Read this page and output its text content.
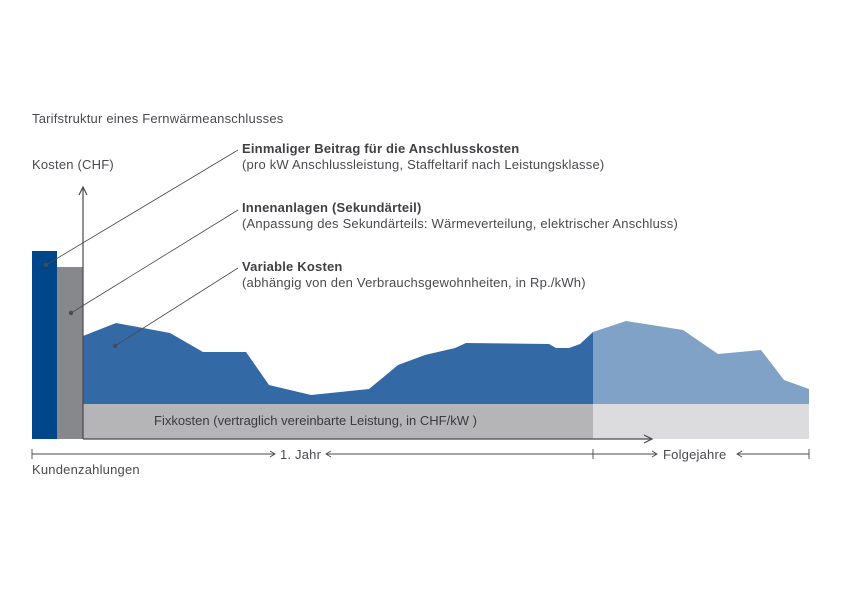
Tarifstruktur eines Fernwärmeanschlusses
Kosten (CHF)
Einmaliger Beitrag für die Anschlusskosten
(pro kW Anschlussleistung, Staffeltarif nach Leistungsklasse)
Innenanlagen (Sekundärteil)
(Anpassung des Sekundärteils: Wärmeverteilung, elektrischer Anschluss)
Variable Kosten
(abhängig von den Verbrauchsgewohnheiten, in Rp./kWh)
Fixkosten (vertraglich vereinbarte Leistung, in CHF/kW )
1. Jahr	Folgejahre
Kundenzahlungen
